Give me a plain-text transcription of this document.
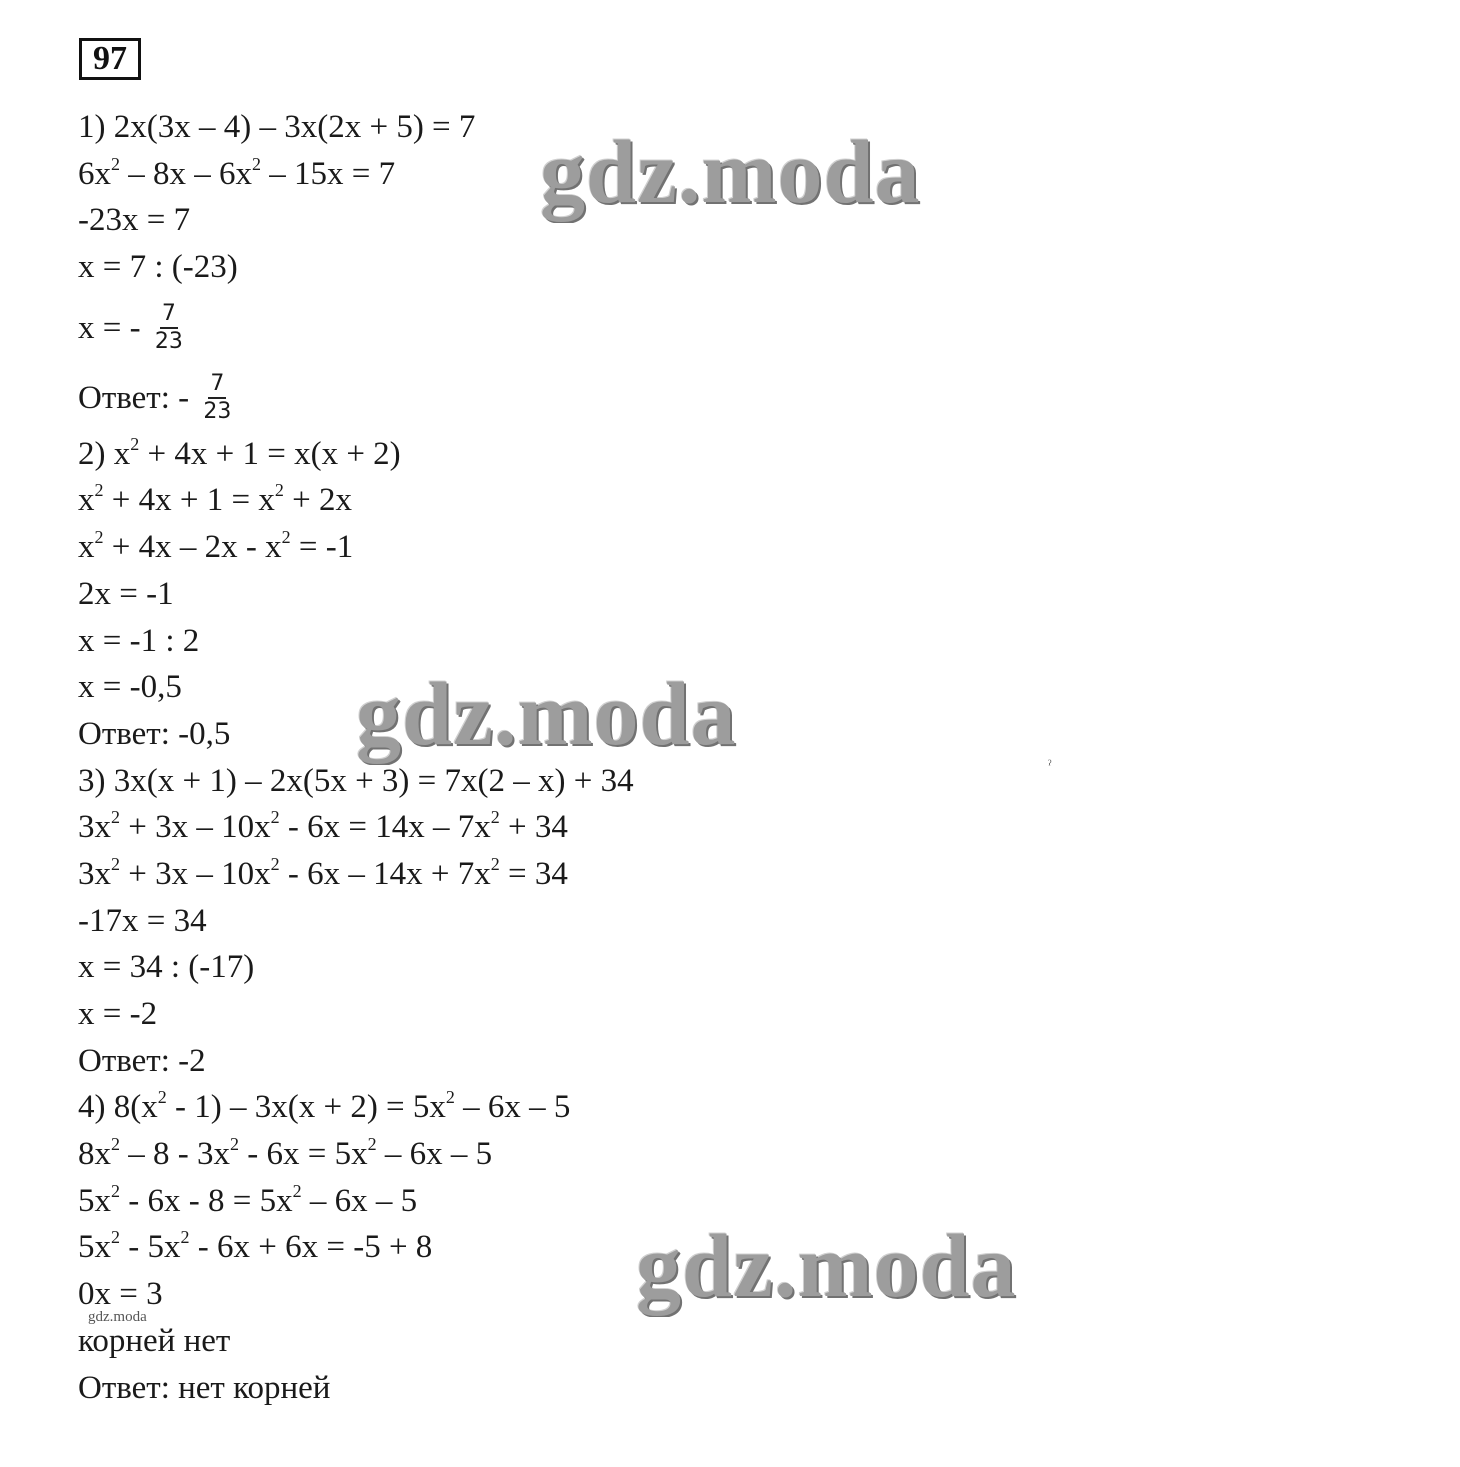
97
1) 2x(3x – 4) – 3x(2x + 5) = 7
$6x^2 - 8x - 6x^2 - 15x = 7$
-23x = 7
x = 7 : (-23)
x = - $\frac{7}{23}$
Ответ: - $\frac{7}{23}$
2) $x^2 + 4x + 1 = x(x + 2)$
$x^2 + 4x + 1 = x^2 + 2x$
$x^2 + 4x - 2x - x^2 = -1$
2x = -1
x = -1 : 2
x = -0,5
Ответ: -0,5
3) 3x(x + 1) – 2x(5x + 3) = 7x(2 – x) + 34
$3x^2 + 3x - 10x^2 - 6x = 14x - 7x^2 + 34$
$3x^2 + 3x - 10x^2 - 6x - 14x + 7x^2 = 34$
-17x = 34
x = 34 : (-17)
x = -2
Ответ: -2
4) $8(x^2 - 1) - 3x(x + 2) = 5x^2 - 6x - 5$
$8x^2 - 8 - 3x^2 - 6x = 5x^2 - 6x - 5$
$5x^2 - 6x - 8 = 5x^2 - 6x - 5$
$5x^2 - 5x^2 - 6x + 6x = -5 + 8$
0x = 3
корней нет
Ответ: нет корней
gdz.moda
gdz.moda
gdz.moda
gdz.moda
ˀ
